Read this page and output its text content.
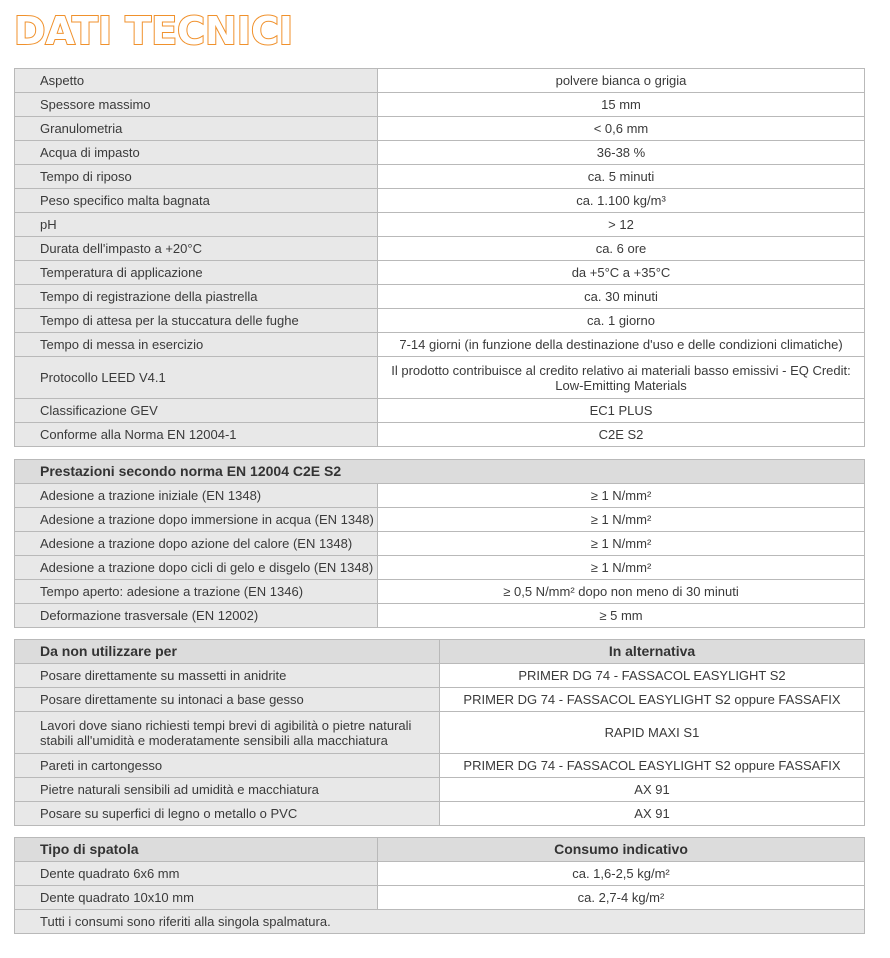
DATI TECNICI
Aspetto	polvere bianca o grigia
Spessore massimo	15 mm
Granulometria	< 0,6 mm
Acqua di impasto	36-38 %
Tempo di riposo	ca. 5 minuti
Peso specifico malta bagnata	ca. 1.100 kg/m³
pH	> 12
Durata dell'impasto a +20°C	ca. 6 ore
Temperatura di applicazione	da +5°C a +35°C
Tempo di registrazione della piastrella	ca. 30 minuti
Tempo di attesa per la stuccatura delle fughe	ca. 1 giorno
Tempo di messa in esercizio	7-14 giorni (in funzione della destinazione d'uso e delle condizioni climatiche)
Protocollo LEED V4.1	Il prodotto contribuisce al credito relativo ai materiali basso emissivi - EQ Credit: Low-Emitting Materials
Classificazione GEV	EC1 PLUS
Conforme alla Norma EN 12004-1	C2E S2
Prestazioni secondo norma EN 12004 C2E S2	
Adesione a trazione iniziale (EN 1348)	≥ 1 N/mm²
Adesione a trazione dopo immersione in acqua (EN 1348)	≥ 1 N/mm²
Adesione a trazione dopo azione del calore (EN 1348)	≥ 1 N/mm²
Adesione a trazione dopo cicli di gelo e disgelo (EN 1348)	≥ 1 N/mm²
Tempo aperto: adesione a trazione (EN 1346)	≥ 0,5 N/mm² dopo non meno di 30 minuti
Deformazione trasversale (EN 12002)	≥ 5 mm
Da non utilizzare per	In alternativa
Posare direttamente su massetti in anidrite	PRIMER DG 74 - FASSACOL EASYLIGHT S2
Posare direttamente su intonaci a base gesso	PRIMER DG 74 - FASSACOL EASYLIGHT S2 oppure FASSAFIX
Lavori dove siano richiesti tempi brevi di agibilità o pietre naturali stabili all'umidità e moderatamente sensibili alla macchiatura	RAPID MAXI S1
Pareti in cartongesso	PRIMER DG 74 - FASSACOL EASYLIGHT S2 oppure FASSAFIX
Pietre naturali sensibili ad umidità e macchiatura	AX 91
Posare su superfici di legno o metallo o PVC	AX 91
Tipo di spatola	Consumo indicativo
Dente quadrato 6x6 mm	ca. 1,6-2,5 kg/m²
Dente quadrato 10x10 mm	ca. 2,7-4 kg/m²
Tutti i consumi sono riferiti alla singola spalmatura.	
